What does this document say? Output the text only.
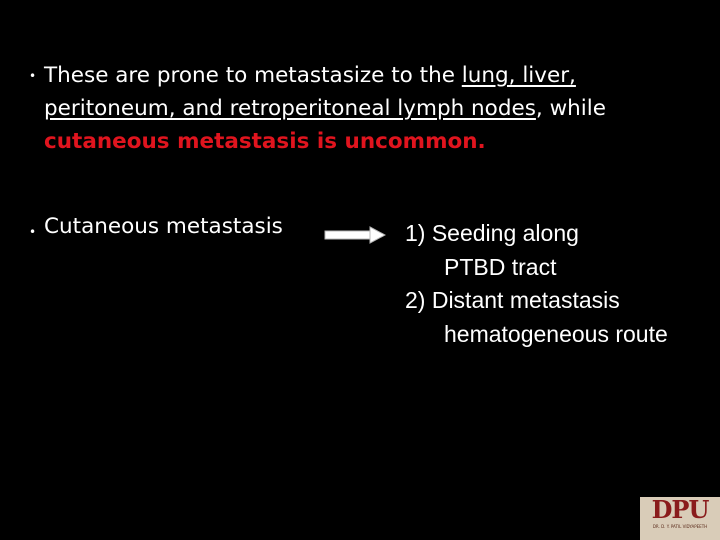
• These are prone to metastasize to the lung, liver, peritoneum, and retroperitoneal lymph nodes, while cutaneous metastasis is uncommon.
• Cutaneous metastasis	1) Seeding along
PTBD tract
2) Distant metastasis
hematogeneous route
DPU
DR. D. Y. PATIL VIDYAPEETH
